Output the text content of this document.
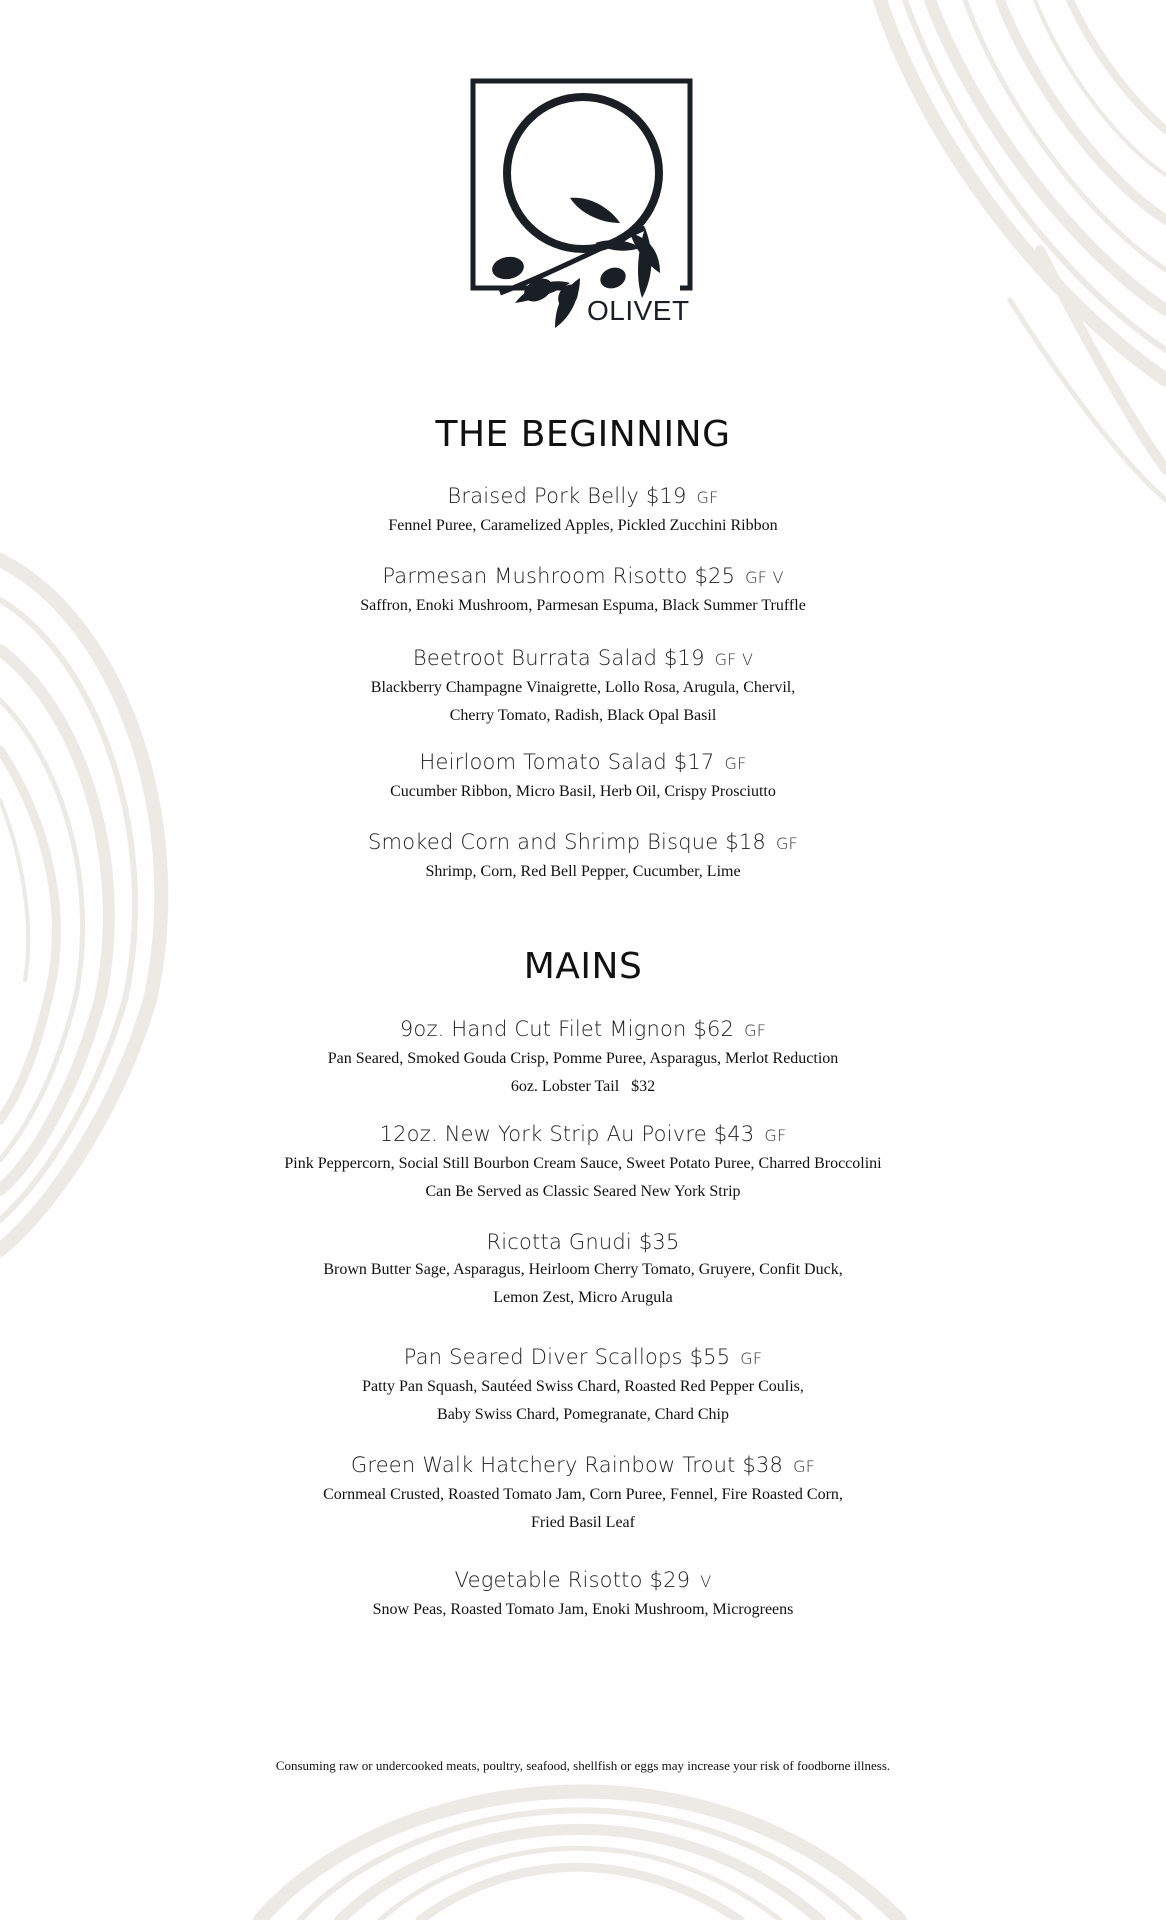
OLIVET
THE BEGINNING
Braised Pork Belly $19 GF
Fennel Puree, Caramelized Apples, Pickled Zucchini Ribbon
Parmesan Mushroom Risotto $25 GF V
Saffron, Enoki Mushroom, Parmesan Espuma, Black Summer Truffle
Beetroot Burrata Salad $19 GF V
Blackberry Champagne Vinaigrette, Lollo Rosa, Arugula, Chervil,
Cherry Tomato, Radish, Black Opal Basil
Heirloom Tomato Salad $17 GF
Cucumber Ribbon, Micro Basil, Herb Oil, Crispy Prosciutto
Smoked Corn and Shrimp Bisque $18 GF
Shrimp, Corn, Red Bell Pepper, Cucumber, Lime
MAINS
9oz. Hand Cut Filet Mignon $62 GF
Pan Seared, Smoked Gouda Crisp, Pomme Puree, Asparagus, Merlot Reduction
6oz. Lobster Tail   $32
12oz. New York Strip Au Poivre $43 GF
Pink Peppercorn, Social Still Bourbon Cream Sauce, Sweet Potato Puree, Charred Broccolini
Can Be Served as Classic Seared New York Strip
Ricotta Gnudi $35
Brown Butter Sage, Asparagus, Heirloom Cherry Tomato, Gruyere, Confit Duck,
Lemon Zest, Micro Arugula
Pan Seared Diver Scallops $55 GF
Patty Pan Squash, Sautéed Swiss Chard, Roasted Red Pepper Coulis,
Baby Swiss Chard, Pomegranate, Chard Chip
Green Walk Hatchery Rainbow Trout $38 GF
Cornmeal Crusted, Roasted Tomato Jam, Corn Puree, Fennel, Fire Roasted Corn,
Fried Basil Leaf
Vegetable Risotto $29 V
Snow Peas, Roasted Tomato Jam, Enoki Mushroom, Microgreens
Consuming raw or undercooked meats, poultry, seafood, shellfish or eggs may increase your risk of foodborne illness.
